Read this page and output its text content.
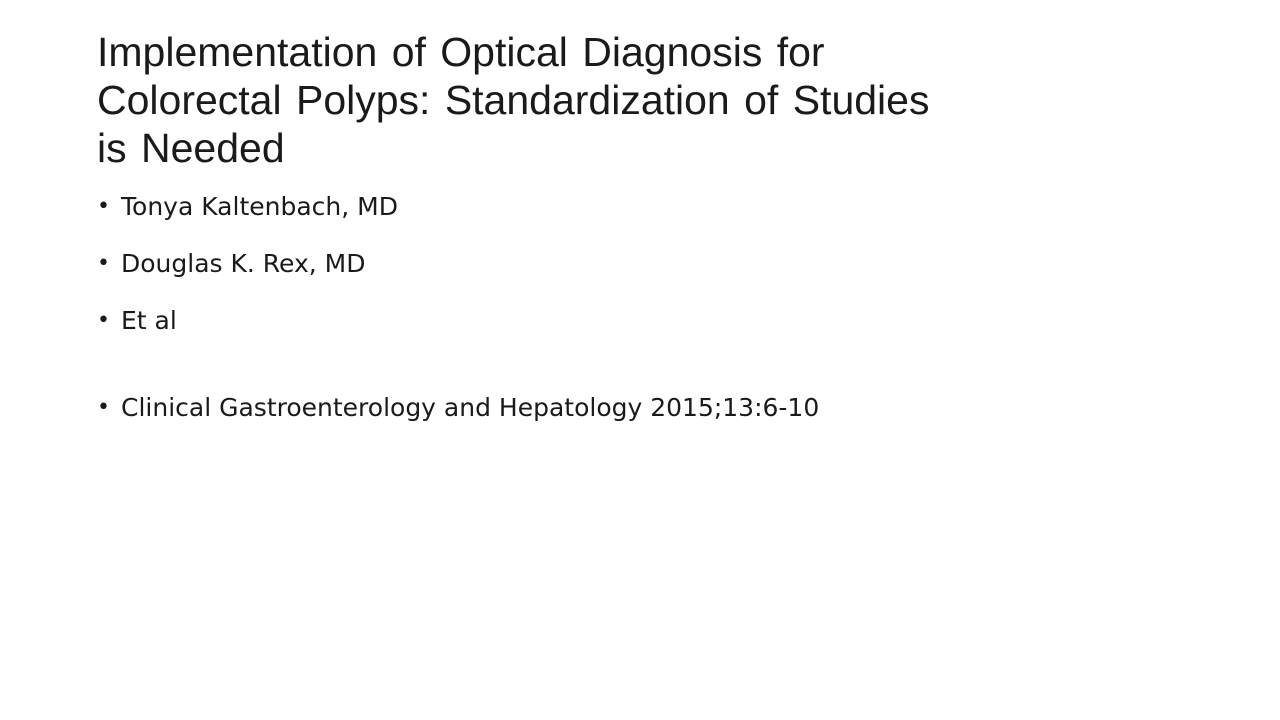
Implementation of Optical Diagnosis for
Colorectal Polyps: Standardization of Studies
is Needed
• Tonya Kaltenbach, MD
• Douglas K. Rex, MD
• Et al
• Clinical Gastroenterology and Hepatology 2015;13:6-10
